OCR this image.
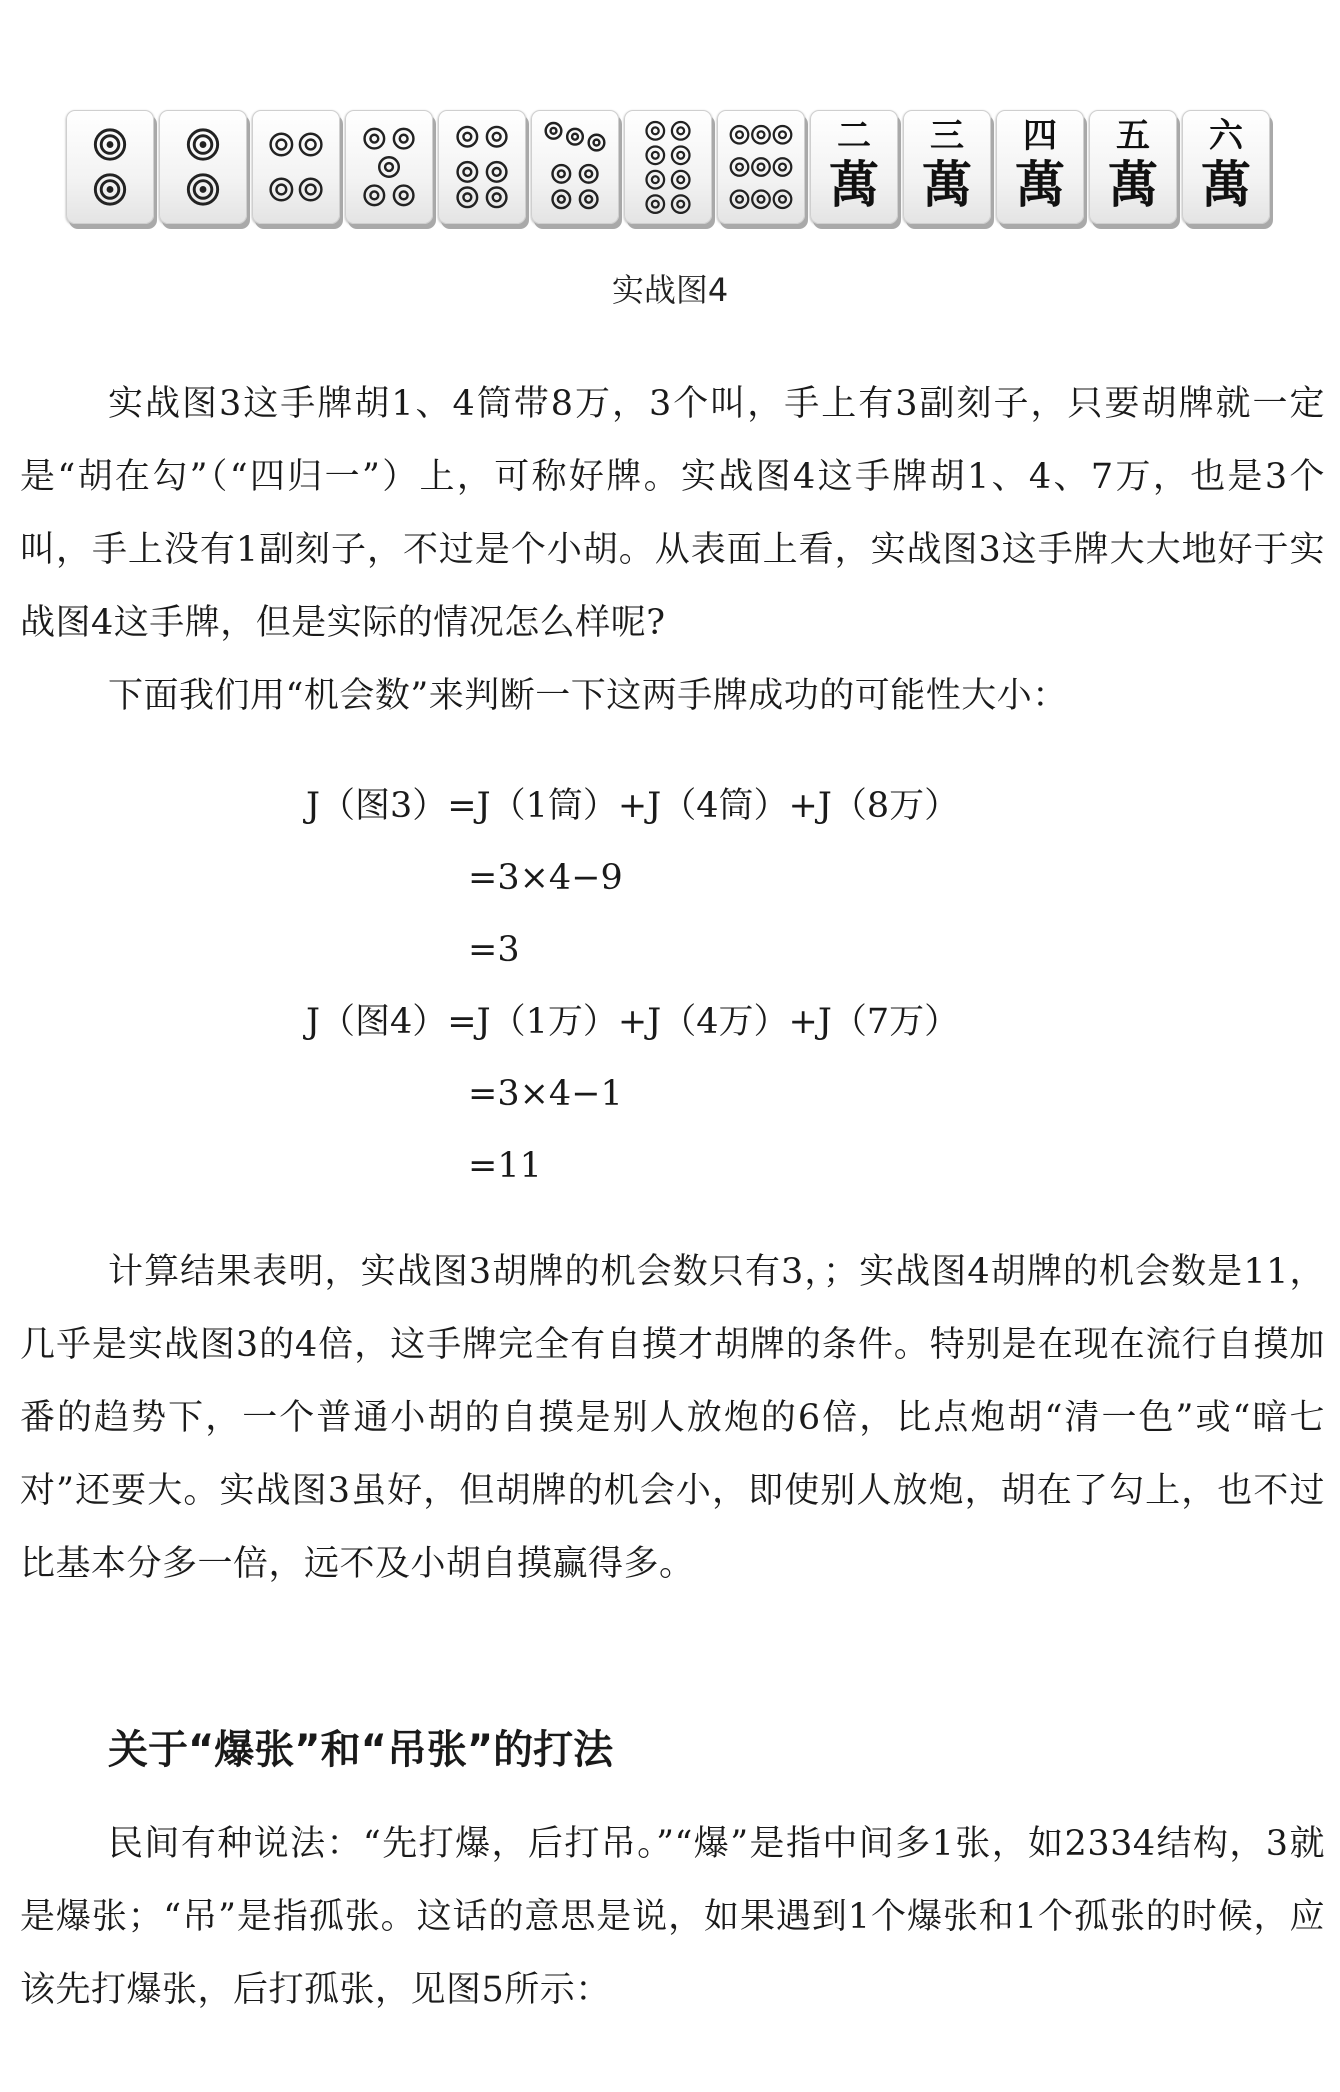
二
萬
三
萬
四
萬
五
萬
六
萬
实战图4

实战图3这手牌胡1、4筒带8万，3个叫，手上有3副刻子，只要胡牌就一定是“胡在勾”（“四归一”）上，可称好牌。实战图4这手牌胡1、4、7万，也是3个叫，手上没有1副刻子，不过是个小胡。从表面上看，实战图3这手牌大大地好于实战图4这手牌，但是实际的情况怎么样呢?

下面我们用“机会数”来判断一下这两手牌成功的可能性大小：

J（图3）=J（1筒）+J（4筒）+J（8万）
=3×4−9
=3
J（图4）=J（1万）+J（4万）+J（7万）
=3×4−1
=11

计算结果表明，实战图3胡牌的机会数只有3，；实战图4胡牌的机会数是11，几乎是实战图3的4倍，这手牌完全有自摸才胡牌的条件。特别是在现在流行自摸加番的趋势下，一个普通小胡的自摸是别人放炮的6倍，比点炮胡“清一色”或“暗七对”还要大。实战图3虽好，但胡牌的机会小，即使别人放炮，胡在了勾上，也不过比基本分多一倍，远不及小胡自摸赢得多。

关于“爆张”和“吊张”的打法

民间有种说法：“先打爆，后打吊。”“爆”是指中间多1张，如2334结构，3就是爆张；“吊”是指孤张。这话的意思是说，如果遇到1个爆张和1个孤张的时候，应该先打爆张，后打孤张，见图5所示：
